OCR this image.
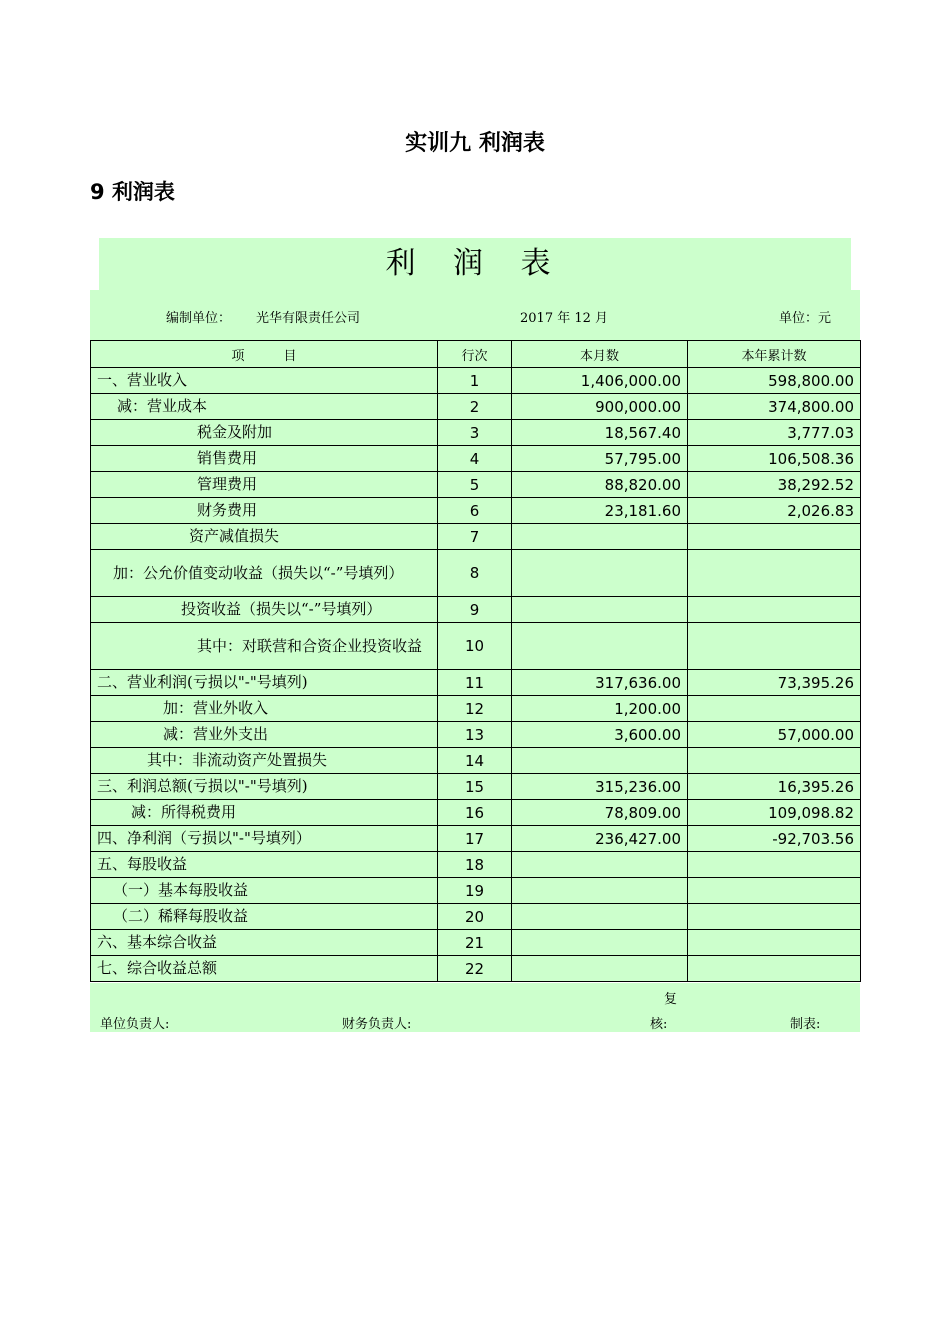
实训九 利润表
9 利润表
利 润 表
编制单位： 光华有限责任公司	2017 年 12 月	单位：元
项　　　目	行次	本月数	本年累计数
一、营业收入	1	1,406,000.00	598,800.00
减：营业成本	2	900,000.00	374,800.00
税金及附加	3	18,567.40	3,777.03
销售费用	4	57,795.00	106,508.36
管理费用	5	88,820.00	38,292.52
财务费用	6	23,181.60	2,026.83
资产减值损失	7		
加：公允价值变动收益（损失以“-”号填列）	8		
投资收益（损失以“-”号填列）	9		
其中：对联营和合资企业投资收益	10		
二、营业利润(亏损以"-"号填列)	11	317,636.00	73,395.26
加：营业外收入	12	1,200.00	
减：营业外支出	13	3,600.00	57,000.00
其中：非流动资产处置损失	14		
三、利润总额(亏损以"-"号填列)	15	315,236.00	16,395.26
减：所得税费用	16	78,809.00	109,098.82
四、净利润（亏损以"-"号填列）	17	236,427.00	-92,703.56
五、每股收益	18		
（一）基本每股收益	19		
（二）稀释每股收益	20		
六、基本综合收益	21		
七、综合收益总额	22		
单位负责人:	财务负责人:
复
核:	制表:
